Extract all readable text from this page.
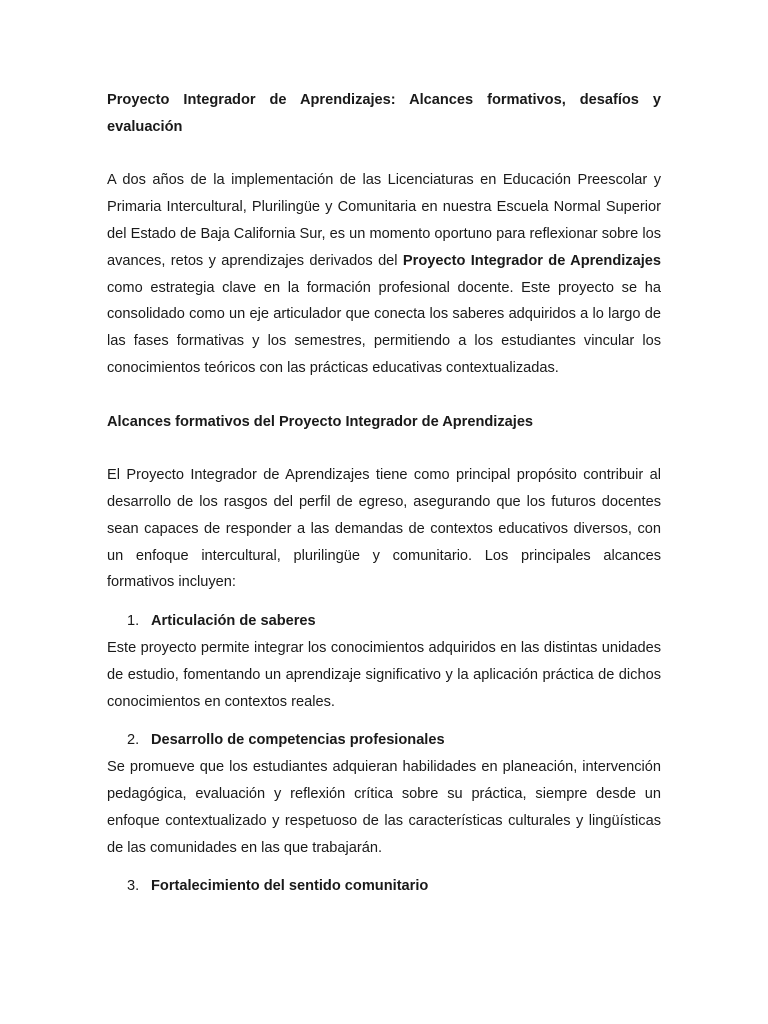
Proyecto Integrador de Aprendizajes: Alcances formativos, desafíos y evaluación

A dos años de la implementación de las Licenciaturas en Educación Preescolar y Primaria Intercultural, Plurilingüe y Comunitaria en nuestra Escuela Normal Superior del Estado de Baja California Sur, es un momento oportuno para reflexionar sobre los avances, retos y aprendizajes derivados del Proyecto Integrador de Aprendizajes como estrategia clave en la formación profesional docente. Este proyecto se ha consolidado como un eje articulador que conecta los saberes adquiridos a lo largo de las fases formativas y los semestres, permitiendo a los estudiantes vincular los conocimientos teóricos con las prácticas educativas contextualizadas.

Alcances formativos del Proyecto Integrador de Aprendizajes

El Proyecto Integrador de Aprendizajes tiene como principal propósito contribuir al desarrollo de los rasgos del perfil de egreso, asegurando que los futuros docentes sean capaces de responder a las demandas de contextos educativos diversos, con un enfoque intercultural, plurilingüe y comunitario. Los principales alcances formativos incluyen:

1. Articulación de saberes

Este proyecto permite integrar los conocimientos adquiridos en las distintas unidades de estudio, fomentando un aprendizaje significativo y la aplicación práctica de dichos conocimientos en contextos reales.

2. Desarrollo de competencias profesionales

Se promueve que los estudiantes adquieran habilidades en planeación, intervención pedagógica, evaluación y reflexión crítica sobre su práctica, siempre desde un enfoque contextualizado y respetuoso de las características culturales y lingüísticas de las comunidades en las que trabajarán.

3. Fortalecimiento del sentido comunitario
